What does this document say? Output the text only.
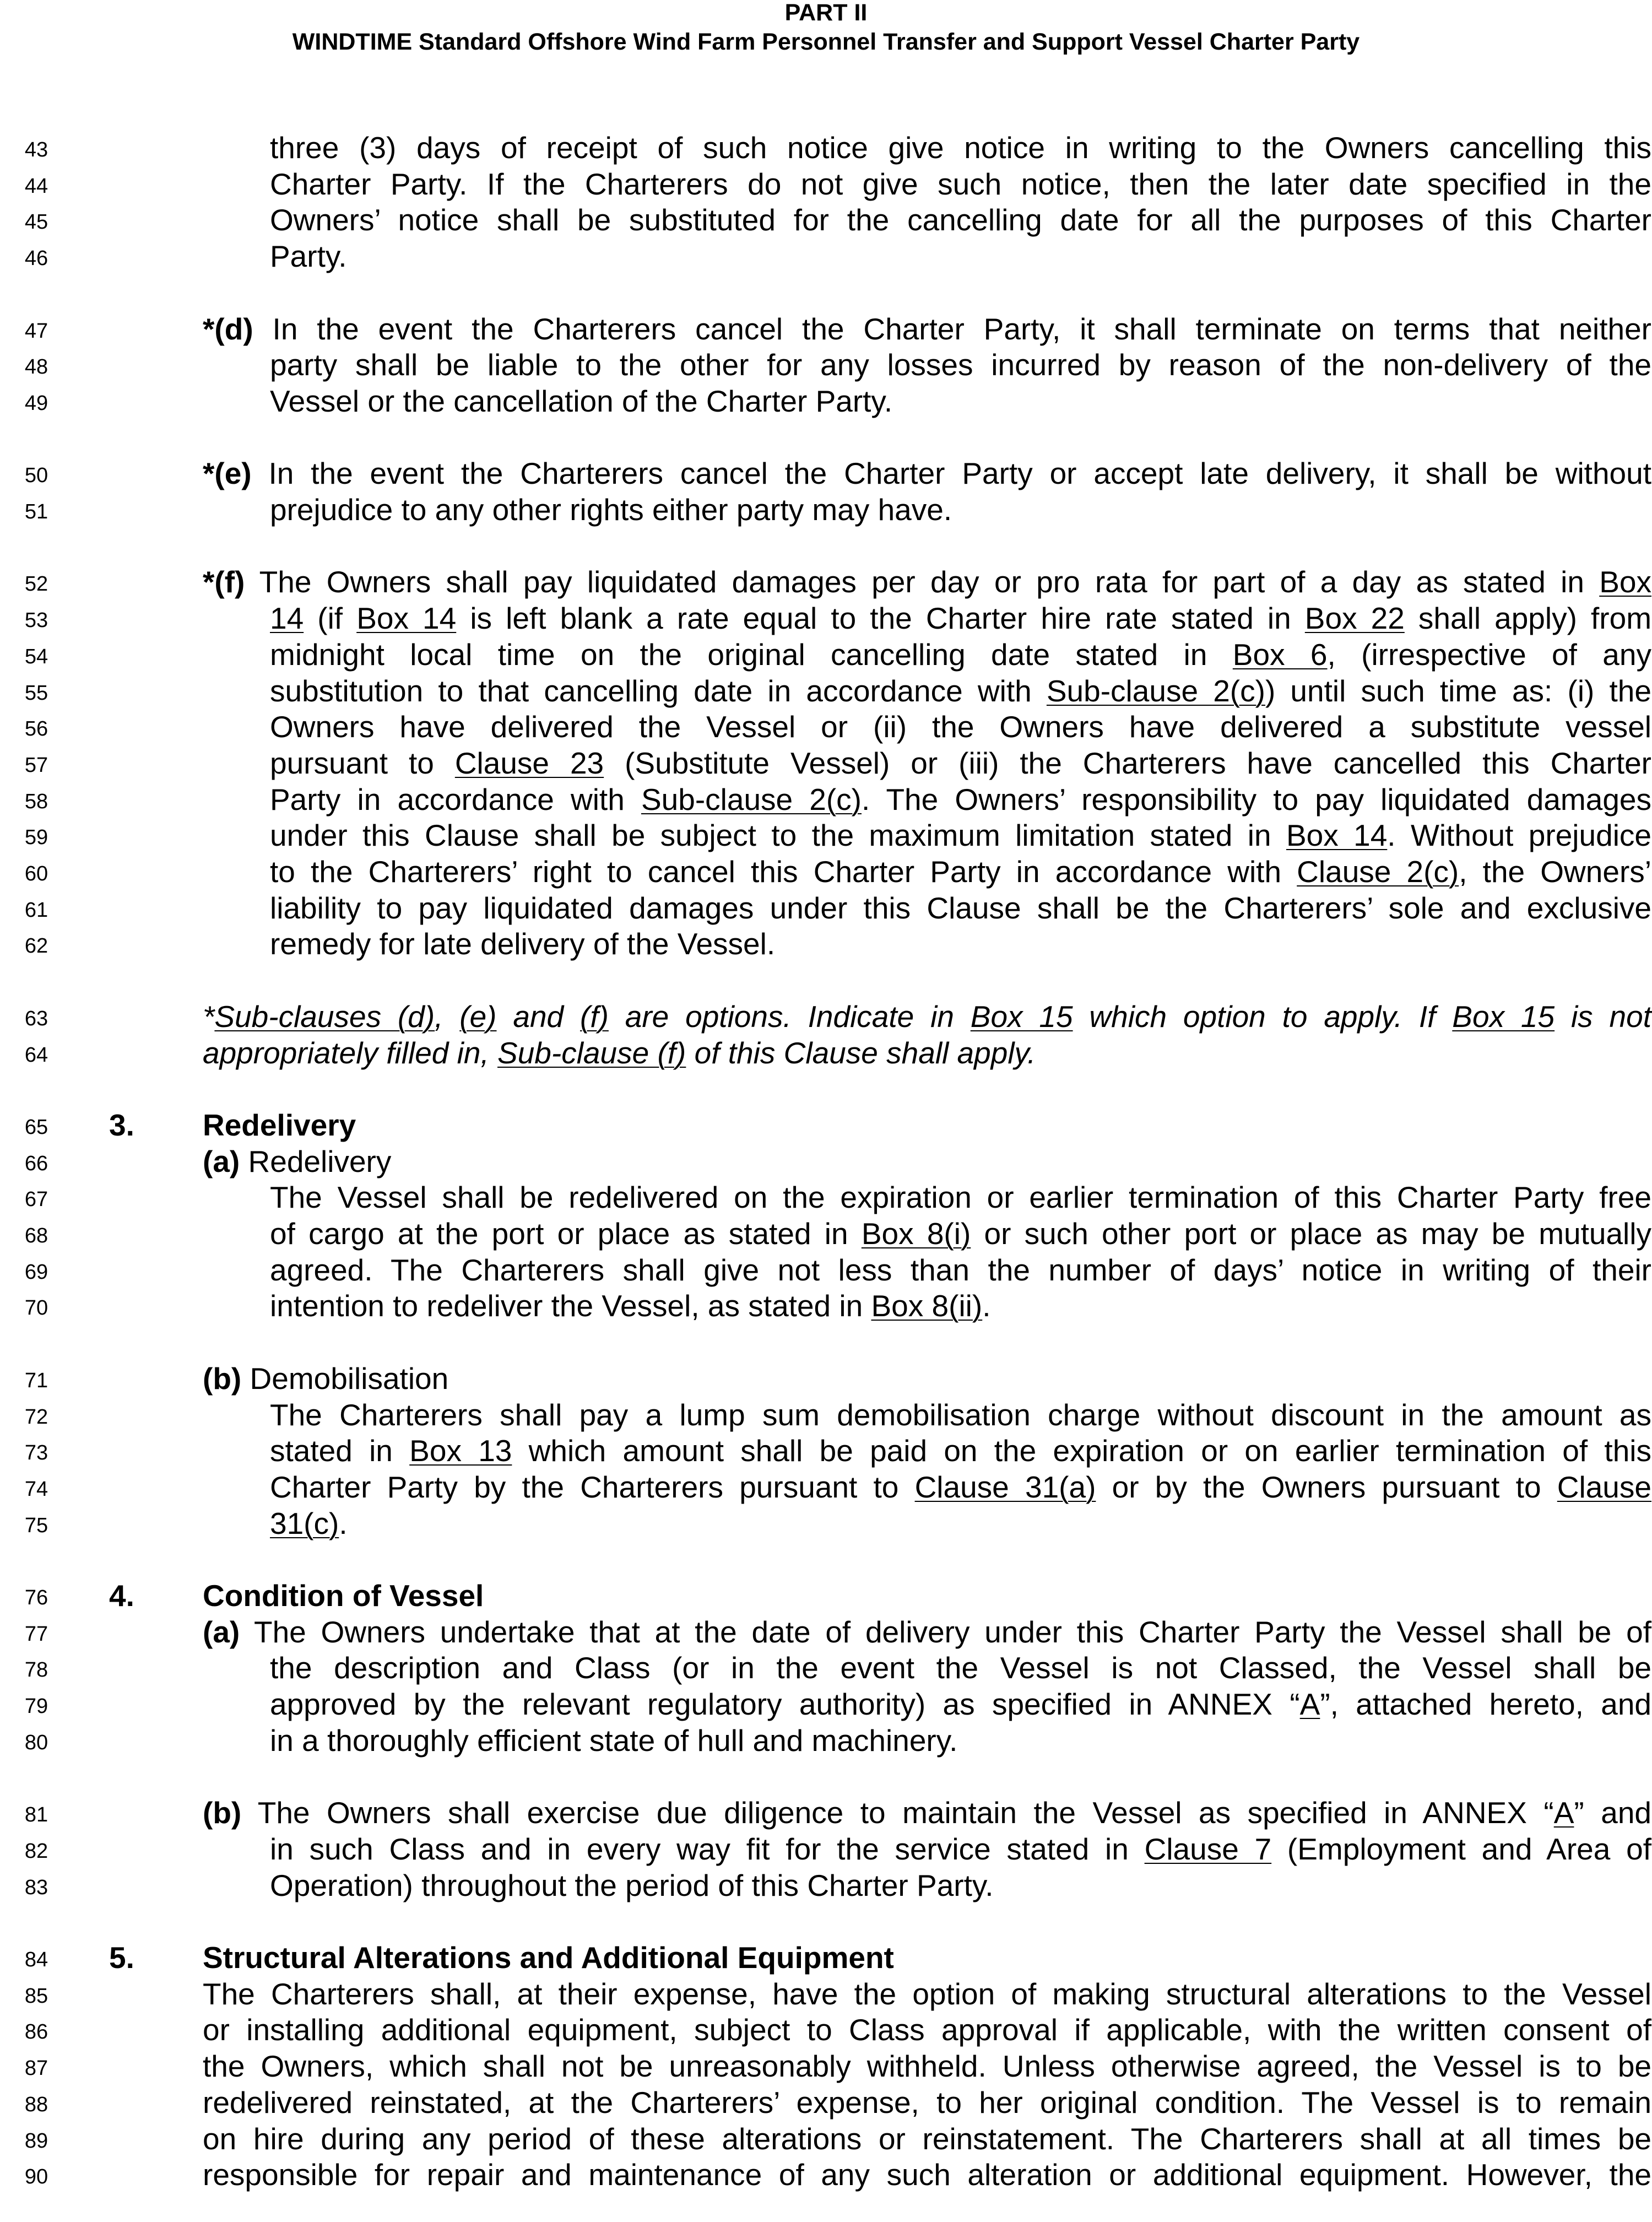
PART II
WINDTIME Standard Offshore Wind Farm Personnel Transfer and Support Vessel Charter Party
43	three (3) days of receipt of such notice give notice in writing to the Owners cancelling this
44	Charter Party. If the Charterers do not give such notice, then the later date specified in the
45	Owners’ notice shall be substituted for the cancelling date for all the purposes of this Charter
46	Party.
47	*(d) In the event the Charterers cancel the Charter Party, it shall terminate on terms that neither
48	party shall be liable to the other for any losses incurred by reason of the non-delivery of the
49	Vessel or the cancellation of the Charter Party.
50	*(e) In the event the Charterers cancel the Charter Party or accept late delivery, it shall be without
51	prejudice to any other rights either party may have.
52	*(f) The Owners shall pay liquidated damages per day or pro rata for part of a day as stated in Box
53	14 (if Box 14 is left blank a rate equal to the Charter hire rate stated in Box 22 shall apply) from
54	midnight local time on the original cancelling date stated in Box 6, (irrespective of any
55	substitution to that cancelling date in accordance with Sub-clause 2(c)) until such time as: (i) the
56	Owners have delivered the Vessel or (ii) the Owners have delivered a substitute vessel
57	pursuant to Clause 23 (Substitute Vessel) or (iii) the Charterers have cancelled this Charter
58	Party in accordance with Sub-clause 2(c). The Owners’ responsibility to pay liquidated damages
59	under this Clause shall be subject to the maximum limitation stated in Box 14. Without prejudice
60	to the Charterers’ right to cancel this Charter Party in accordance with Clause 2(c), the Owners’
61	liability to pay liquidated damages under this Clause shall be the Charterers’ sole and exclusive
62	remedy for late delivery of the Vessel.
63	*Sub-clauses (d), (e) and (f) are options. Indicate in Box 15 which option to apply. If Box 15 is not
64	appropriately filled in, Sub-clause (f) of this Clause shall apply.
65	3. Redelivery
66	(a) Redelivery
67	The Vessel shall be redelivered on the expiration or earlier termination of this Charter Party free
68	of cargo at the port or place as stated in Box 8(i) or such other port or place as may be mutually
69	agreed. The Charterers shall give not less than the number of days’ notice in writing of their
70	intention to redeliver the Vessel, as stated in Box 8(ii).
71	(b) Demobilisation
72	The Charterers shall pay a lump sum demobilisation charge without discount in the amount as
73	stated in Box 13 which amount shall be paid on the expiration or on earlier termination of this
74	Charter Party by the Charterers pursuant to Clause 31(a) or by the Owners pursuant to Clause
75	31(c).
76	4. Condition of Vessel
77	(a) The Owners undertake that at the date of delivery under this Charter Party the Vessel shall be of
78	the description and Class (or in the event the Vessel is not Classed, the Vessel shall be
79	approved by the relevant regulatory authority) as specified in ANNEX “A”, attached hereto, and
80	in a thoroughly efficient state of hull and machinery.
81	(b) The Owners shall exercise due diligence to maintain the Vessel as specified in ANNEX “A” and
82	in such Class and in every way fit for the service stated in Clause 7 (Employment and Area of
83	Operation) throughout the period of this Charter Party.
84	5. Structural Alterations and Additional Equipment
85	The Charterers shall, at their expense, have the option of making structural alterations to the Vessel
86	or installing additional equipment, subject to Class approval if applicable, with the written consent of
87	the Owners, which shall not be unreasonably withheld. Unless otherwise agreed, the Vessel is to be
88	redelivered reinstated, at the Charterers’ expense, to her original condition. The Vessel is to remain
89	on hire during any period of these alterations or reinstatement. The Charterers shall at all times be
90	responsible for repair and maintenance of any such alteration or additional equipment. However, the
